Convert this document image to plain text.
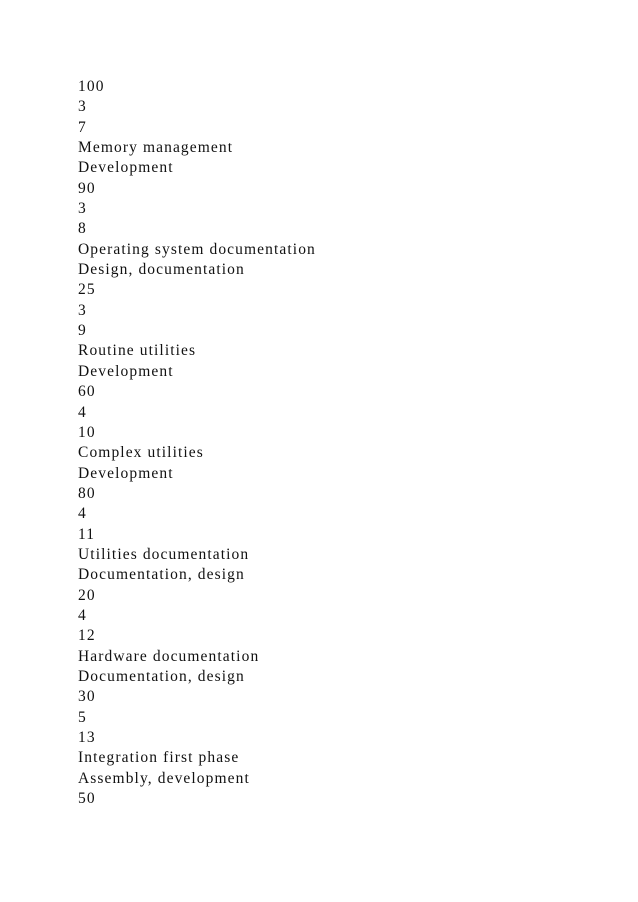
100
3
7
Memory management
Development
90
3
8
Operating system documentation
Design, documentation
25
3
9
Routine utilities
Development
60
4
10
Complex utilities
Development
80
4
11
Utilities documentation
Documentation, design
20
4
12
Hardware documentation
Documentation, design
30
5
13
Integration first phase
Assembly, development
50
